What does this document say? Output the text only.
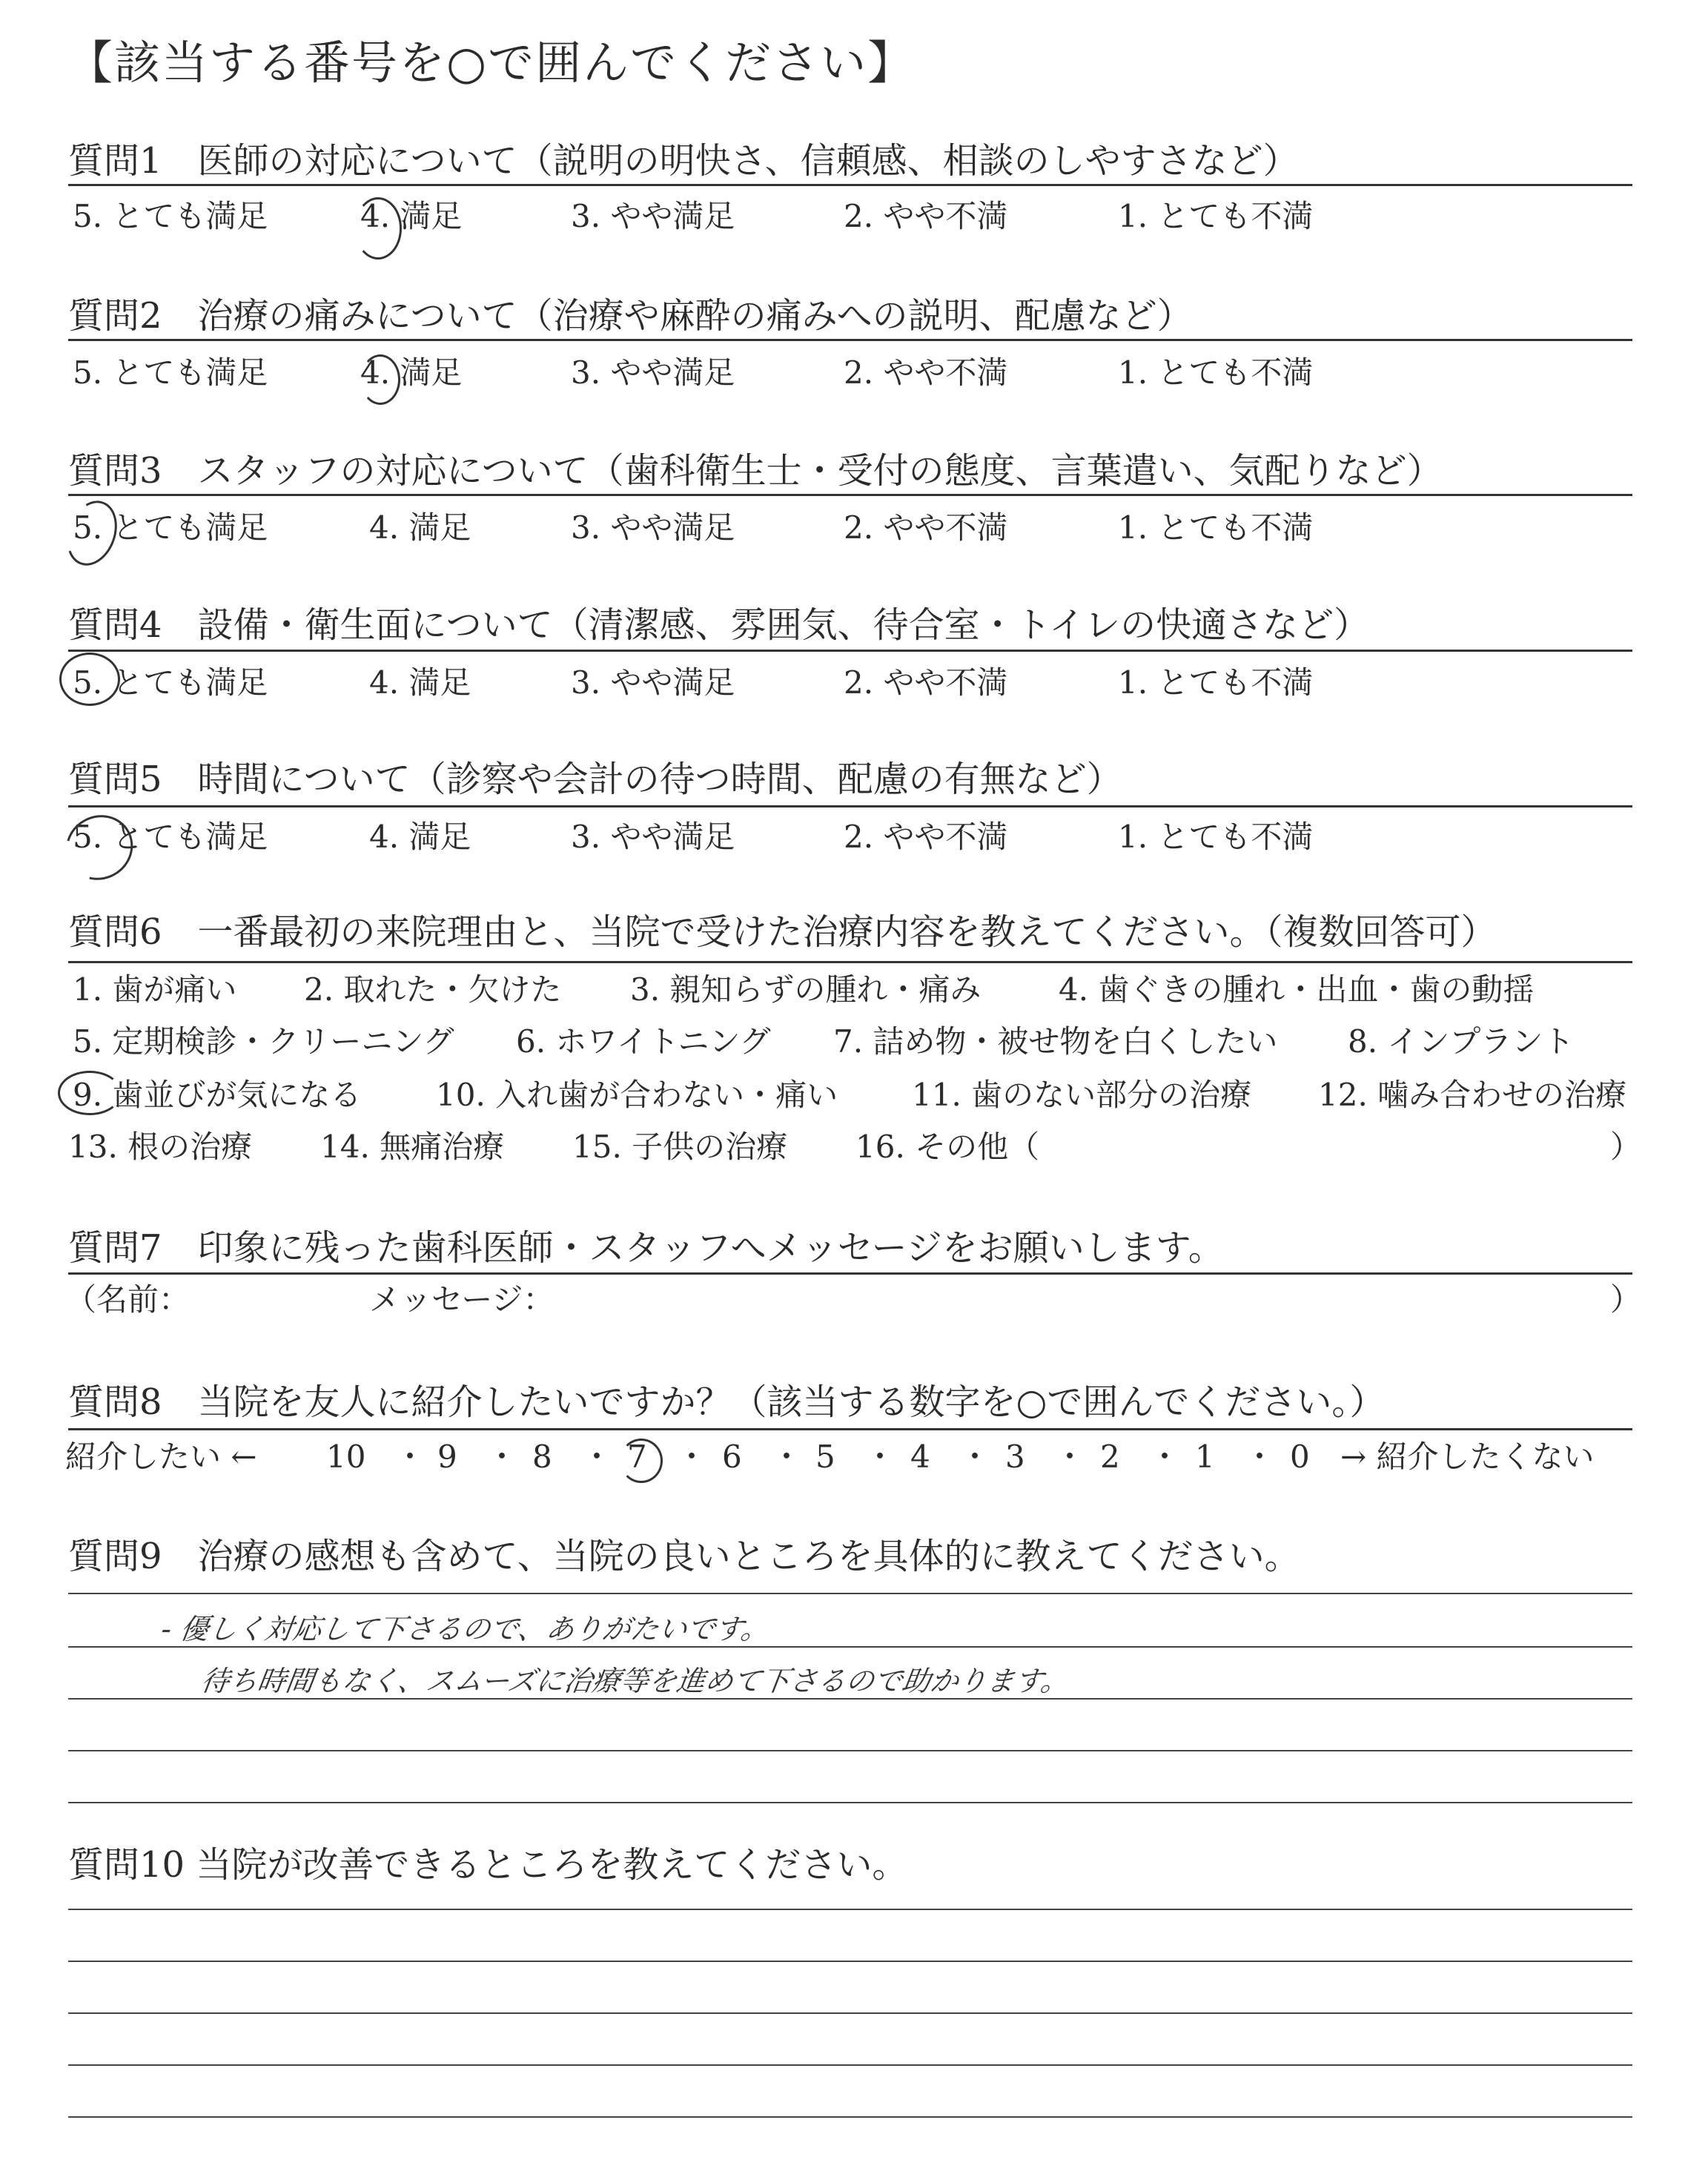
【該当する番号を○で囲んでください】
質問1　医師の対応について（説明の明快さ、信頼感、相談のしやすさなど）
5. とても満足	4. 満足	3. やや満足	2. やや不満	1. とても不満
質問2　治療の痛みについて（治療や麻酔の痛みへの説明、配慮など）
5. とても満足	4. 満足	3. やや満足	2. やや不満	1. とても不満
質問3　スタッフの対応について（歯科衛生士・受付の態度、言葉遣い、気配りなど）
5. とても満足	4. 満足	3. やや満足	2. やや不満	1. とても不満
質問4　設備・衛生面について（清潔感、雰囲気、待合室・トイレの快適さなど）
5. とても満足	4. 満足	3. やや満足	2. やや不満	1. とても不満
質問5　時間について（診察や会計の待つ時間、配慮の有無など）
5. とても満足	4. 満足	3. やや満足	2. やや不満	1. とても不満
質問6　一番最初の来院理由と、当院で受けた治療内容を教えてください。（複数回答可）
1. 歯が痛い 2. 取れた・欠けた 3. 親知らずの腫れ・痛み 4. 歯ぐきの腫れ・出血・歯の動揺
5. 定期検診・クリーニング 6. ホワイトニング 7. 詰め物・被せ物を白くしたい 8. インプラント
9. 歯並びが気になる 10. 入れ歯が合わない・痛い 11. 歯のない部分の治療 12. 噛み合わせの治療
13. 根の治療 14. 無痛治療 15. 子供の治療 16. その他（	）
質問7　印象に残った歯科医師・スタッフへメッセージをお願いします。
（名前：	メッセージ：	）
質問8　当院を友人に紹介したいですか？（該当する数字を○で囲んでください。）
紹介したい ← 10 ・ 9 ・ 8 ・ 7 ・ 6 ・ 5 ・ 4 ・ 3 ・ 2 ・ 1 ・ 0 → 紹介したくない
質問9　治療の感想も含めて、当院の良いところを具体的に教えてください。
- 優しく対応して下さるので、ありがたいです。
待ち時間もなく、スムーズに治療等を進めて下さるので助かります。
質問10 当院が改善できるところを教えてください。
